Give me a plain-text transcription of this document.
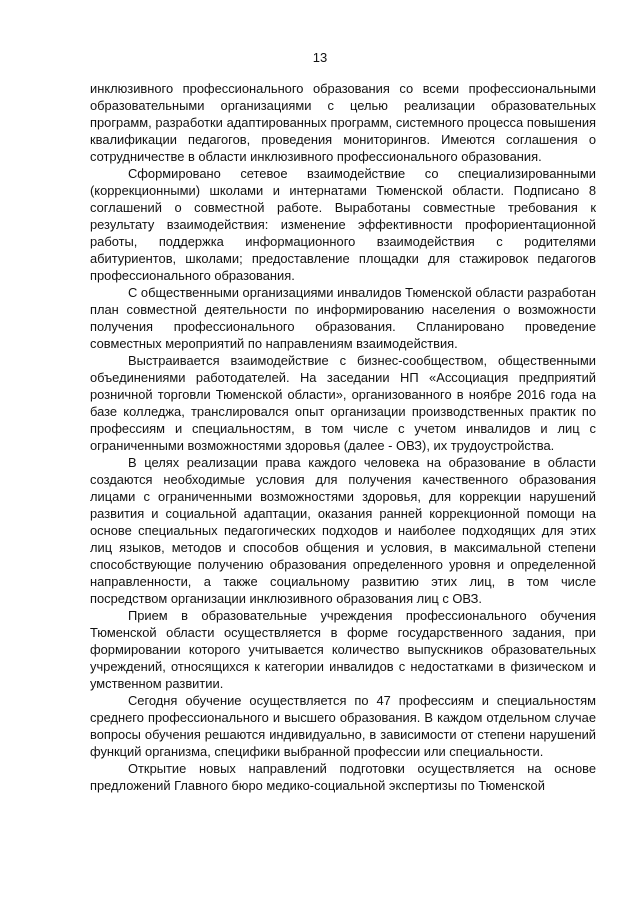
13

инклюзивного профессионального образования со всеми профессиональными образовательными организациями с целью реализации образовательных программ, разработки адаптированных программ, системного процесса повышения квалификации педагогов, проведения мониторингов. Имеются соглашения о сотрудничестве в области инклюзивного профессионального образования.

Сформировано сетевое взаимодействие со специализированными (коррекционными) школами и интернатами Тюменской области. Подписано 8 соглашений о совместной работе. Выработаны совместные требования к результату взаимодействия: изменение эффективности профориентационной работы, поддержка информационного взаимодействия с родителями абитуриентов, школами; предоставление площадки для стажировок педагогов профессионального образования.

С общественными организациями инвалидов Тюменской области разработан план совместной деятельности по информированию населения о возможности получения профессионального образования. Спланировано проведение совместных мероприятий по направлениям взаимодействия.

Выстраивается взаимодействие с бизнес-сообществом, общественными объединениями работодателей. На заседании НП «Ассоциация предприятий розничной торговли Тюменской области», организованного в ноябре 2016 года на базе колледжа, транслировался опыт организации производственных практик по профессиям и специальностям, в том числе с учетом инвалидов и лиц с ограниченными возможностями здоровья (далее - ОВЗ), их трудоустройства.

В целях реализации права каждого человека на образование в области создаются необходимые условия для получения качественного образования лицами с ограниченными возможностями здоровья, для коррекции нарушений развития и социальной адаптации, оказания ранней коррекционной помощи на основе специальных педагогических подходов и наиболее подходящих для этих лиц языков, методов и способов общения и условия, в максимальной степени способствующие получению образования определенного уровня и определенной направленности, а также социальному развитию этих лиц, в том числе посредством организации инклюзивного образования лиц с ОВЗ.

Прием в образовательные учреждения профессионального обучения Тюменской области осуществляется в форме государственного задания, при формировании которого учитывается количество выпускников образовательных учреждений, относящихся к категории инвалидов с недостатками в физическом и умственном развитии.

Сегодня обучение осуществляется по 47 профессиям и специальностям среднего профессионального и высшего образования. В каждом отдельном случае вопросы обучения решаются индивидуально, в зависимости от степени нарушений функций организма, специфики выбранной профессии или специальности.

Открытие новых направлений подготовки осуществляется на основе предложений Главного бюро медико-социальной экспертизы по Тюменской
